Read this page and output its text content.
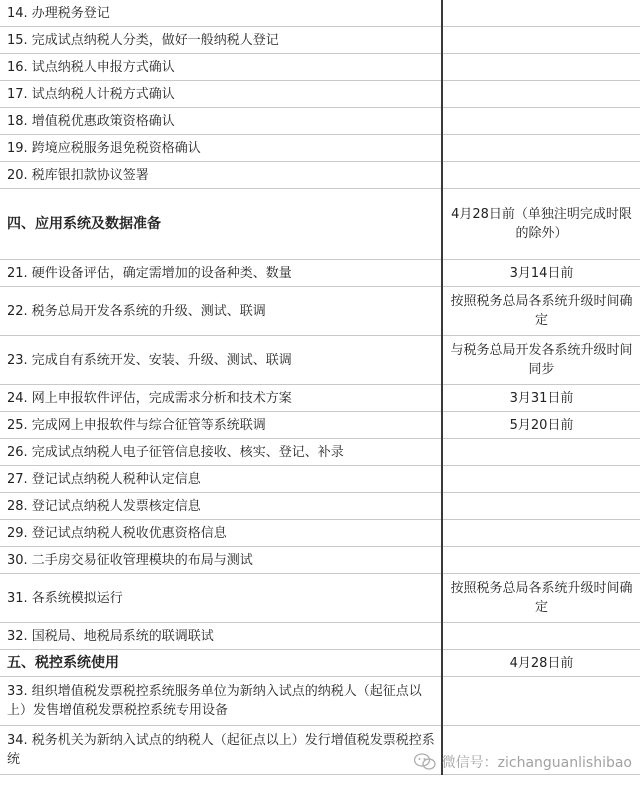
14. 办理税务登记	
15. 完成试点纳税人分类，做好一般纳税人登记	
16. 试点纳税人申报方式确认	
17. 试点纳税人计税方式确认	
18. 增值税优惠政策资格确认	
19. 跨境应税服务退免税资格确认	
20. 税库银扣款协议签署	
四、应用系统及数据准备	4月28日前（单独注明完成时限的除外）
21. 硬件设备评估，确定需增加的设备种类、数量	3月14日前
22. 税务总局开发各系统的升级、测试、联调	按照税务总局各系统升级时间确定
23. 完成自有系统开发、安装、升级、测试、联调	与税务总局开发各系统升级时间同步
24. 网上申报软件评估，完成需求分析和技术方案	3月31日前
25. 完成网上申报软件与综合征管等系统联调	5月20日前
26. 完成试点纳税人电子征管信息接收、核实、登记、补录	
27. 登记试点纳税人税种认定信息	
28. 登记试点纳税人发票核定信息	
29. 登记试点纳税人税收优惠资格信息	
30. 二手房交易征收管理模块的布局与测试	
31. 各系统模拟运行	按照税务总局各系统升级时间确定
32. 国税局、地税局系统的联调联试	
五、税控系统使用	4月28日前
33. 组织增值税发票税控系统服务单位为新纳入试点的纳税人（起征点以上）发售增值税发票税控系统专用设备	
34. 税务机关为新纳入试点的纳税人（起征点以上）发行增值税发票税控系统		微信号：zichanguanlishibao
